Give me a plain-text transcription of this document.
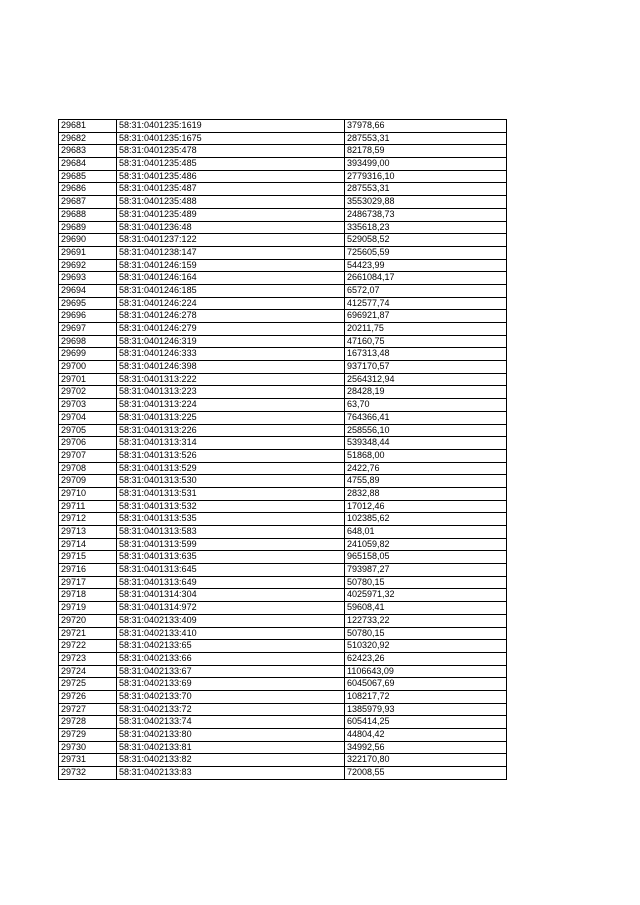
29681	58:31:0401235:1619	37978,66
29682	58:31:0401235:1675	287553,31
29683	58:31:0401235:478	82178,59
29684	58:31:0401235:485	393499,00
29685	58:31:0401235:486	2779316,10
29686	58:31:0401235:487	287553,31
29687	58:31:0401235:488	3553029,88
29688	58:31:0401235:489	2486738,73
29689	58:31:0401236:48	335618,23
29690	58:31:0401237:122	529058,52
29691	58:31:0401238:147	725605,59
29692	58:31:0401246:159	54423,99
29693	58:31:0401246:164	2661084,17
29694	58:31:0401246:185	6572,07
29695	58:31:0401246:224	412577,74
29696	58:31:0401246:278	696921,87
29697	58:31:0401246:279	20211,75
29698	58:31:0401246:319	47160,75
29699	58:31:0401246:333	167313,48
29700	58:31:0401246:398	937170,57
29701	58:31:0401313:222	2564312,94
29702	58:31:0401313:223	28428,19
29703	58:31:0401313:224	63,70
29704	58:31:0401313:225	764366,41
29705	58:31:0401313:226	258556,10
29706	58:31:0401313:314	539348,44
29707	58:31:0401313:526	51868,00
29708	58:31:0401313:529	2422,76
29709	58:31:0401313:530	4755,89
29710	58:31:0401313:531	2832,88
29711	58:31:0401313:532	17012,46
29712	58:31:0401313:535	102385,62
29713	58:31:0401313:583	648,01
29714	58:31:0401313:599	241059,82
29715	58:31:0401313:635	965158,05
29716	58:31:0401313:645	793987,27
29717	58:31:0401313:649	50780,15
29718	58:31:0401314:304	4025971,32
29719	58:31:0401314:972	59608,41
29720	58:31:0402133:409	122733,22
29721	58:31:0402133:410	50780,15
29722	58:31:0402133:65	510320,92
29723	58:31:0402133:66	62423,26
29724	58:31:0402133:67	1106643,09
29725	58:31:0402133:69	6045067,69
29726	58:31:0402133:70	108217,72
29727	58:31:0402133:72	1385979,93
29728	58:31:0402133:74	605414,25
29729	58:31:0402133:80	44804,42
29730	58:31:0402133:81	34992,56
29731	58:31:0402133:82	322170,80
29732	58:31:0402133:83	72008,55
